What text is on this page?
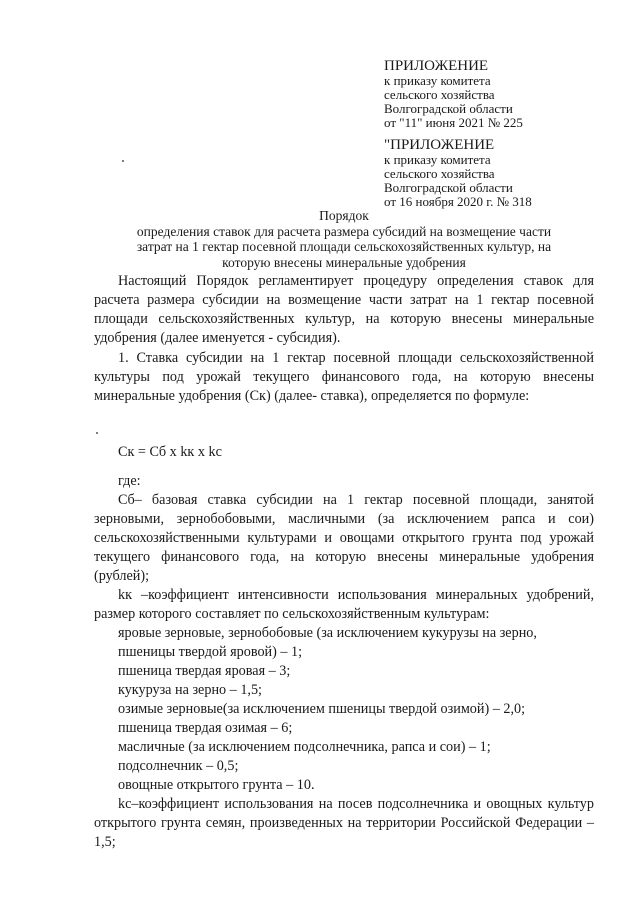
ПРИЛОЖЕНИЕ
к приказу комитета
сельского хозяйства
Волгоградской области
от "11" июня 2021 № 225
"ПРИЛОЖЕНИЕ
к приказу комитета
сельского хозяйства
Волгоградской области
от 16 ноября 2020 г. № 318
Порядок
определения ставок для расчета размера субсидий на возмещение части
затрат на 1 гектар посевной площади сельскохозяйственных культур, на
которую внесены минеральные удобрения

Настоящий Порядок регламентирует процедуру определения ставок для расчета размера субсидии на возмещение части затрат на 1 гектар посевной площади сельскохозяйственных культур, на которую внесены минеральные удобрения (далее именуется - субсидия).

1. Ставка субсидии на 1 гектар посевной площади сельскохозяйственной культуры под урожай текущего финансового года, на которую внесены минеральные удобрения (Cк) (далее- ставка), определяется по формуле:

Cк = Cб x kк x kс

где:

Cб– базовая ставка субсидии на 1 гектар посевной площади, занятой зерновыми, зернобобовыми, масличными (за исключением рапса и сои) сельскохозяйственными культурами и овощами открытого грунта под урожай текущего финансового года, на которую внесены минеральные удобрения (рублей);

kк –коэффициент интенсивности использования минеральных удобрений, размер которого составляет по сельскохозяйственным культурам:

яровые зерновые, зернобобовые (за исключением кукурузы на зерно, пшеницы твердой яровой) – 1;

пшеница твердая яровая – 3;

кукуруза на зерно – 1,5;

озимые зерновые(за исключением пшеницы твердой озимой) – 2,0;

пшеница твердая озимая – 6;

масличные (за исключением подсолнечника, рапса и сои) – 1;

подсолнечник – 0,5;

овощные открытого грунта – 10.

kс–коэффициент использования на посев подсолнечника и овощных культур открытого грунта семян, произведенных на территории Российской Федерации – 1,5;
